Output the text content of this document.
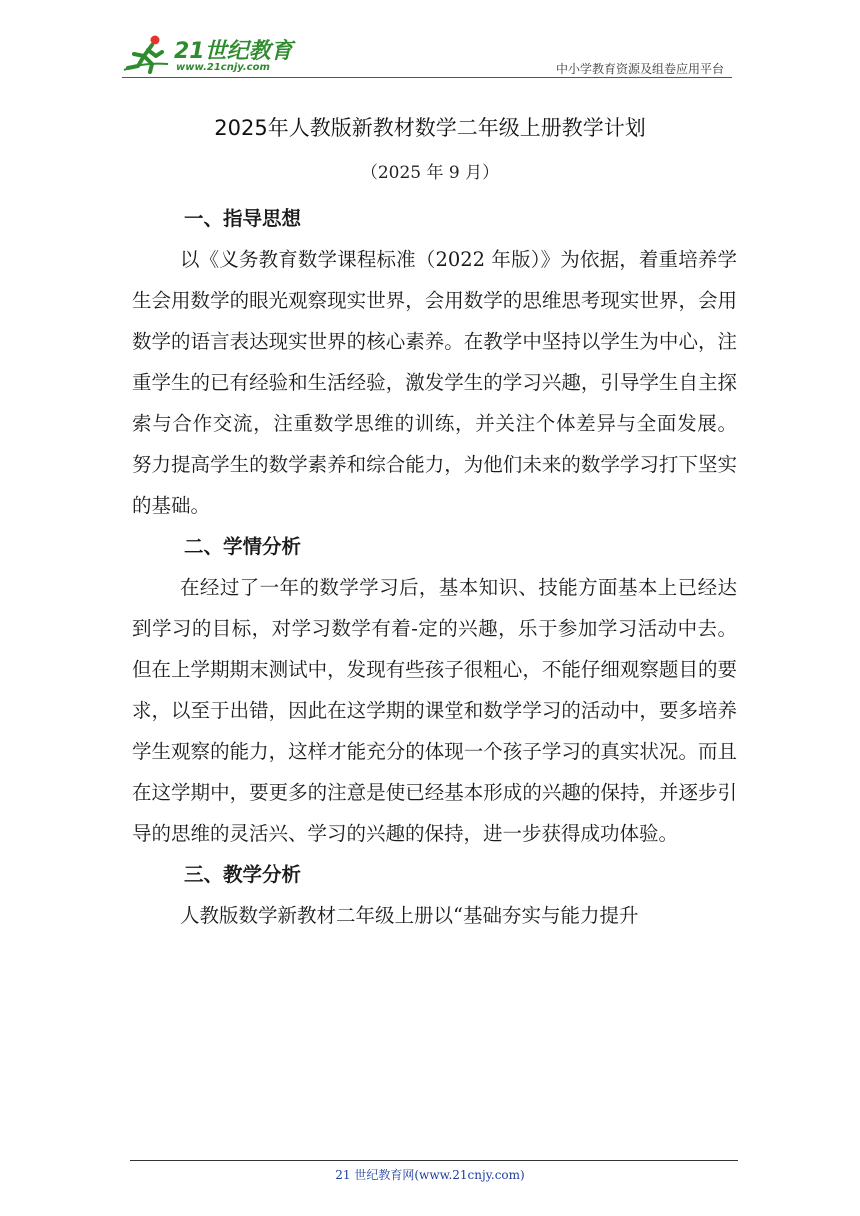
21世纪教育
www.21cnjy.com	中小学教育资源及组卷应用平台
2025年人教版新教材数学二年级上册教学计划
（2025 年 9 月）
一、指导思想

以《义务教育数学课程标准（2022 年版）》为依据，着重培养学生会用数学的眼光观察现实世界，会用数学的思维思考现实世界，会用数学的语言表达现实世界的核心素养。在教学中坚持以学生为中心，注重学生的已有经验和生活经验，激发学生的学习兴趣，引导学生自主探索与合作交流，注重数学思维的训练，并关注个体差异与全面发展。 努力提高学生的数学素养和综合能力，为他们未来的数学学习打下坚实的基础。

二、学情分析

在经过了一年的数学学习后，基本知识、技能方面基本上已经达到学习的目标，对学习数学有着-定的兴趣，乐于参加学习活动中去。但在上学期期末测试中，发现有些孩子很粗心，不能仔细观察题目的要求，以至于出错，因此在这学期的课堂和数学学习的活动中，要多培养学生观察的能力，这样才能充分的体现一个孩子学习的真实状况。而且在这学期中，要更多的注意是使已经基本形成的兴趣的保持，并逐步引导的思维的灵活兴、学习的兴趣的保持，进一步获得成功体验。

三、教学分析

人教版数学新教材二年级上册以“基础夯实与能力提升

21 世纪教育网(www.21cnjy.com)
